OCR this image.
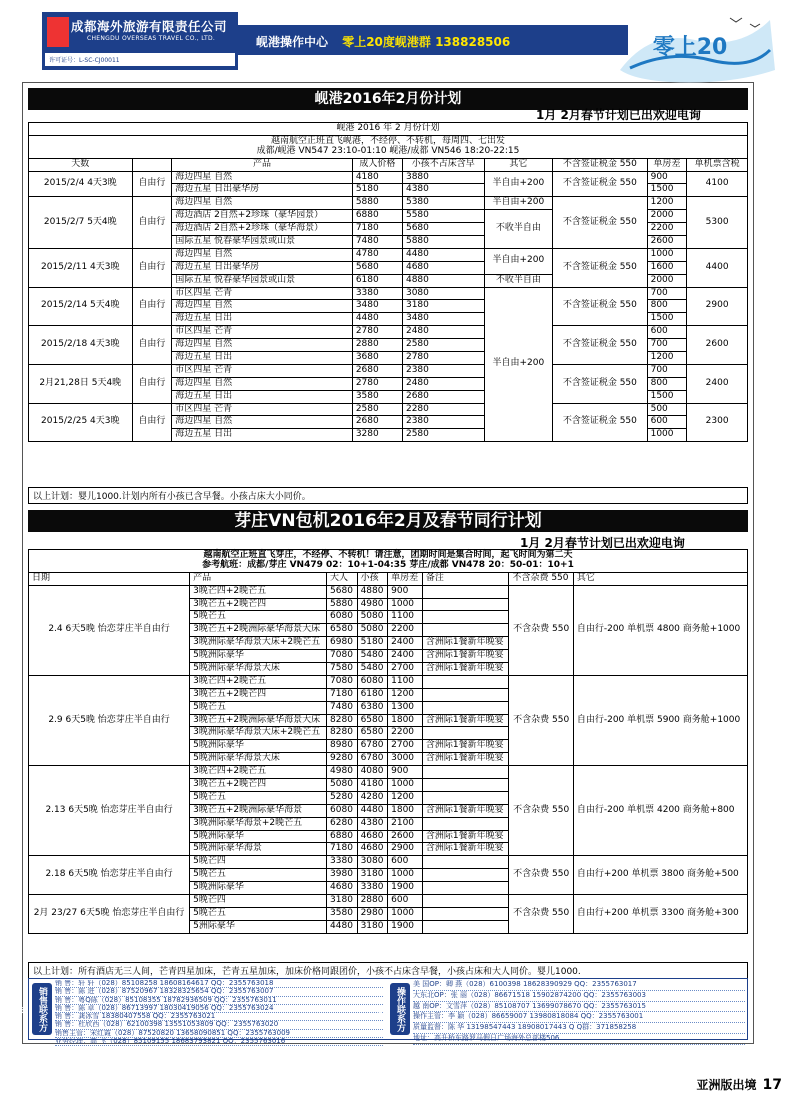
成都海外旅游有限责任公司
CHENGDU OVERSEAS TRAVEL CO., LTD.
许可证号：L-SC-CJ00011
岘港操作中心 零上20度岘港群 138828506	零上20
岘港2016年2月份计划
1月 2月春节计划已出欢迎电询
岘港 2016 年 2 月份计划								

越南航空正班直飞岘港，不经停、不转机，每周四、七出发
成都/岘港 VN547 23:10-01:10 岘港/成都 VN546 18:20-22:15								

天数		产品	成人价格	小孩不占床含早	其它	不含签证税金 550	单房差	单机票含税
2015/2/4 4天3晚	自由行	海边四星 自然	4180	3880	半自由+200	不含签证税金 550	900	4100
		海边五星 日出豪华房	5180	4380			1500	
2015/2/7 5天4晚	自由行	海边四星 自然	5880	5380	半自由+200	不含签证税金 550	1200	5300
		海边酒店 2自然+2珍珠（豪华园景）	6880	5580	不收半自由		2000	
		海边酒店 2自然+2珍珠（豪华海景）	7180	5680			2200	
		国际五星 悦春豪华园景或山景	7480	5880			2600	
2015/2/11 4天3晚	自由行	海边四星 自然	4780	4480	半自由+200	不含签证税金 550	1000	4400
		海边五星 日出豪华房	5680	4680			1600	
		国际五星 悦春豪华园景或山景	6180	4880	不收半自由		2000	
2015/2/14 5天4晚	自由行	市区四星 芒青	3380	3080	半自由+200	不含签证税金 550	700	2900
		海边四星 自然	3480	3180			800	
		海边五星 日出	4480	3480			1500	
2015/2/18 4天3晚	自由行	市区四星 芒青	2780	2480		不含签证税金 550	600	2600
		海边四星 自然	2880	2580			700	
		海边五星 日出	3680	2780			1200	
2月21,28日 5天4晚	自由行	市区四星 芒青	2680	2380		不含签证税金 550	700	2400
		海边四星 自然	2780	2480			800	
		海边五星 日出	3580	2680			1500	
2015/2/25 4天3晚	自由行	市区四星 芒青	2580	2280		不含签证税金 550	500	2300
		海边四星 自然	2680	2380			600	
		海边五星 日出	3280	2580			1000	
以上计划：婴儿1000.计划内所有小孩已含早餐。小孩占床大小同价。
芽庄VN包机2016年2月及春节同行计划
1月 2月春节计划已出欢迎电询
越南航空正班直飞芽庄，不经停、不转机！请注意，团期时间是集合时间，起飞时间为第二天
参考航班：成都/芽庄 VN479 02：10+1-04:35 芽庄/成都 VN478 20：50-01：10+1							

日期	产品	大人	小孩	单房差	备注	不含杂费 550	其它
2.4 6天5晚 怡恋芽庄半自由行	3晚芒四+2晚芒五	5680	4880	900		不含杂费 550	自由行-200 单机票 4800 商务舱+1000
	3晚芒五+2晚芒四	5880	4980	1000			
	5晚芒五	6080	5080	1100			
	3晚芒五+2晚洲际豪华海景大床	6580	5080	2200			
	3晚洲际豪华海景大床+2晚芒五	6980	5180	2400	含洲际1餐新年晚宴		
	5晚洲际豪华	7080	5480	2400	含洲际1餐新年晚宴		
	5晚洲际豪华海景大床	7580	5480	2700	含洲际1餐新年晚宴		
2.9 6天5晚 怡恋芽庄半自由行	3晚芒四+2晚芒五	7080	6080	1100		不含杂费 550	自由行-200 单机票 5900 商务舱+1000
	3晚芒五+2晚芒四	7180	6180	1200			
	5晚芒五	7480	6380	1300			
	3晚芒五+2晚洲际豪华海景大床	8280	6580	1800	含洲际1餐新年晚宴		
	3晚洲际豪华海景大床+2晚芒五	8280	6580	2200			
	5晚洲际豪华	8980	6780	2700	含洲际1餐新年晚宴		
	5晚洲际豪华海景大床	9280	6780	3000	含洲际1餐新年晚宴		
2.13 6天5晚 怡恋芽庄半自由行	3晚芒四+2晚芒五	4980	4080	900		不含杂费 550	自由行-200 单机票 4200 商务舱+800
	3晚芒五+2晚芒四	5080	4180	1000			
	5晚芒五	5280	4280	1200			
	3晚芒五+2晚洲际豪华海景	6080	4480	1800	含洲际1餐新年晚宴		
	3晚洲际豪华海景+2晚芒五	6280	4380	2100			
	5晚洲际豪华	6880	4680	2600	含洲际1餐新年晚宴		
	5晚洲际豪华海景	7180	4680	2900	含洲际1餐新年晚宴		
2.18 6天5晚 怡恋芽庄半自由行	5晚芒四	3380	3080	600		不含杂费 550	自由行+200 单机票 3800 商务舱+500
	5晚芒五	3980	3180	1000			
	5晚洲际豪华	4680	3380	1900			
2月 23/27 6天5晚 怡恋芽庄半自由行	5晚芒四	3180	2880	600		不含杂费 550	自由行+200 单机票 3300 商务舱+300
	5晚芒五	3580	2980	1000			
	5洲际豪华	4480	3180	1900			
以上计划：所有酒店无三人间，芒青四星加床，芒青五星加床，加床价格同跟团价，小孩不占床含早餐，小孩占床和大人同价。婴儿1000.
销售联系方式
销 售：轩 轩（028）85108258 18608164617 QQ：2355763018
销 售：陈 进（028）87520967 18328325654 QQ：2355763007
销 售：粤Q陈（028）85108355 18782936509 QQ：2355763011
销 售：陈 卓（028）86713997 18030419056 QQ：2355763024
销 售：龚冰雪 18380407558 QQ：2355763021
销 售：杜欣西（028）62100398 13551053809 QQ：2355763020
销售主管：宋红霞（028）87520820 13658090851 QQ：2355763009
业务经理：高 飞（028）85109155 18683793821 QQ：2355763016
操作联系方式
美 国OP：卿 燕（028）6100398 18628390929 QQ：2355763017
大东北OP：张 丽（028）86671518 15902874200 QQ：2355763003
越 南OP：文雪萍（028）85108707 13699078670 QQ：2355763015
操作主管：李 颖（028）86659007 13980818084 QQ：2355763001
质量监督：陈 华 13198547443 18908017443 Q Q群：371858258
地址：高升桥东路罗马假日广场海外总部楼506
亚洲版出境 17
